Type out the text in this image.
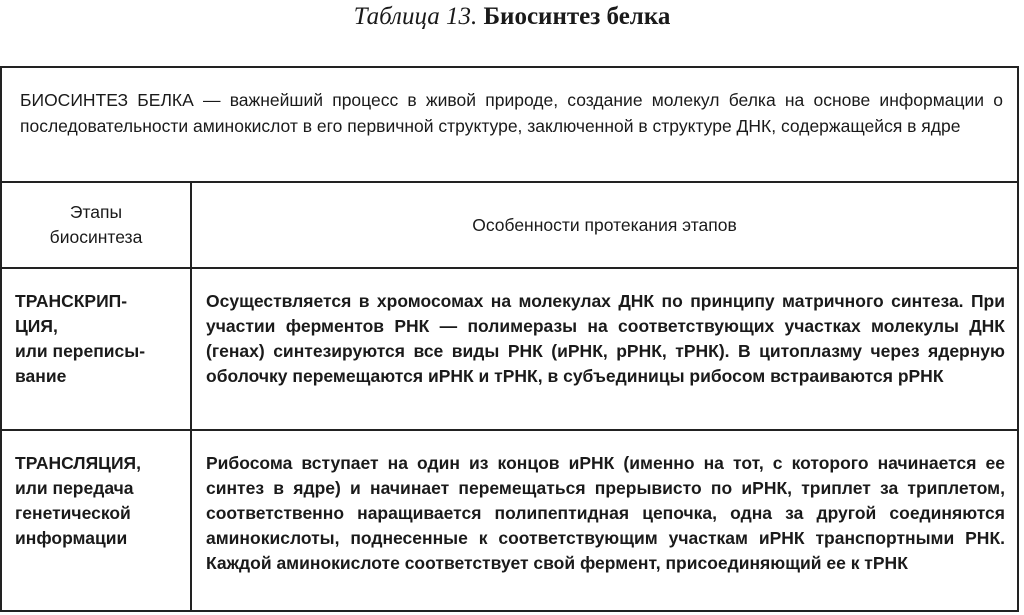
Таблица 13. Биосинтез белка
БИОСИНТЕЗ БЕЛКА — важнейший процесс в живой природе, создание молекул белка на основе информации о последовательности аминокислот в его первичной структуре, заключенной в структуре ДНК, содержащейся в ядре
Этапы биосинтеза
Особенности протекания этапов
ТРАНСКРИП-
ЦИЯ,
или переписы-
вание
Осуществляется в хромосомах на молекулах ДНК по принципу матричного синтеза. При участии ферментов РНК — полимеразы на соответствующих участках молекулы ДНК (генах) синтезируются все виды РНК (иРНК, рРНК, тРНК). В цитоплазму через ядерную оболочку перемещаются иРНК и тРНК, в субъединицы рибосом встраиваются рРНК
ТРАНСЛЯЦИЯ,
или передача
генетической
информации
Рибосома вступает на один из концов иРНК (именно на тот, с которого начинается ее синтез в ядре) и начинает перемещаться прерывисто по иРНК, триплет за триплетом, соответственно наращивается полипептидная цепочка, одна за другой соединяются аминокислоты, поднесенные к соответствующим участкам иРНК транспортными РНК. Каждой аминокислоте соответствует свой фермент, присоединяющий ее к тРНК
